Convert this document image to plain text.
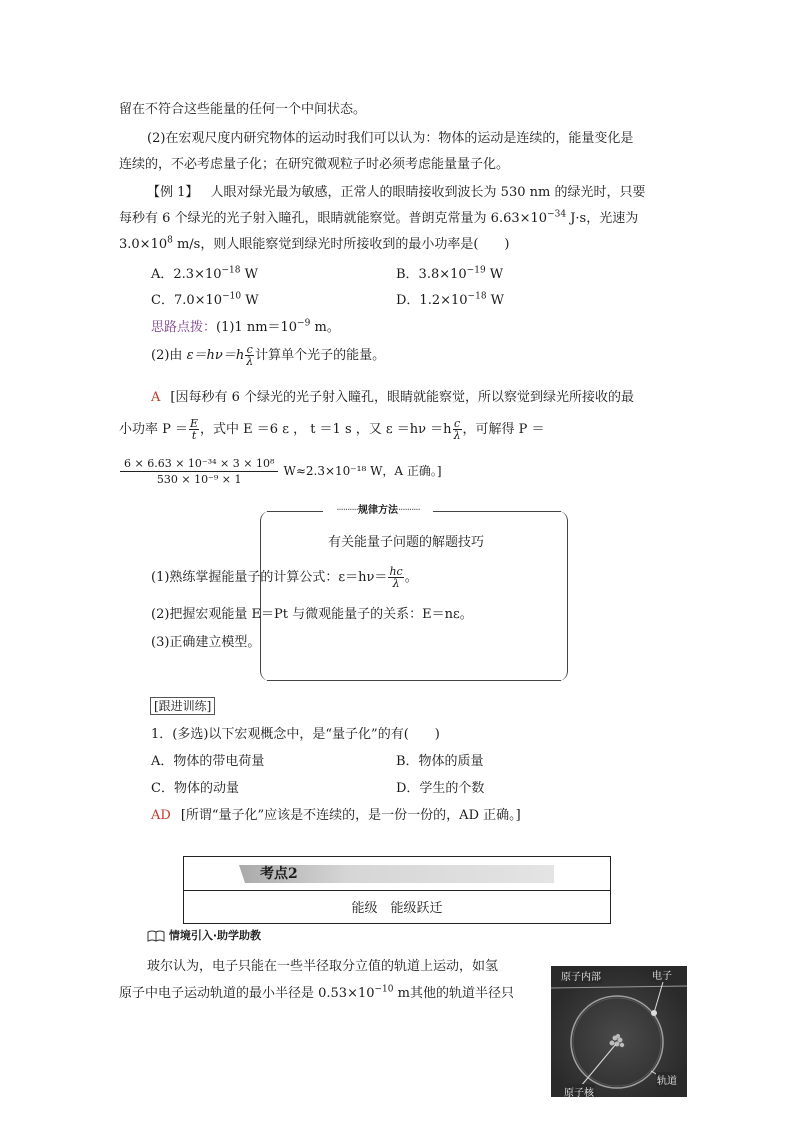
留在不符合这些能量的任何一个中间状态。
(2)在宏观尺度内研究物体的运动时我们可以认为：物体的运动是连续的，能量变化是
连续的，不必考虑量子化；在研究微观粒子时必须考虑能量量子化。
【例 1】 人眼对绿光最为敏感，正常人的眼睛接收到波长为 530 nm 的绿光时，只要
每秒有 6 个绿光的光子射入瞳孔，眼睛就能察觉。普朗克常量为 $6.63\times 10^{-34}$ J·s，光速为
$3.0\times 10^8$ m/s，则人眼能察觉到绿光时所接收到的最小功率是(　　)
A．$2.3\times 10^{-18}$ W	B．$3.8\times 10^{-19}$ W
C．$7.0\times 10^{-10}$ W	D．$1.2\times 10^{-18}$ W
思路点拨：(1)1 $nm=10^{-9}$ m。
(2)由 $\varepsilon=h\nu=h \frac{c}{\lambda}$ 计算单个光子的能量。
A [因每秒有 6 个绿光的光子射入瞳孔，眼睛就能察觉，所以察觉到绿光所接收的最
小功率 $P = \frac{E}{t}$ ，式中 E ＝6 ε ， t ＝1 s ，又 $\varepsilon =h\nu =h \frac{c}{\lambda}$ ，可解得 P ＝
$\frac{\text{6 × 6.63 × 10⁻³⁴ × 3 × 10⁸}}{\text{530 × 10⁻⁹ × 1}} W\approx 2.3\times 10^{-18}$ W，A 正确。]
··········规律方法··········
有关能量子问题的解题技巧
(1)熟练掌握能量子的计算公式：$\varepsilon=h\nu= \frac{hc}{\lambda}$ 。
(2)把握宏观能量 E＝Pt 与微观能量子的关系：E＝nε。
(3)正确建立模型。
[跟进训练]
1．(多选)以下宏观概念中，是“量子化”的有(　　)
A．物体的带电荷量	B．物体的质量
C．物体的动量	D．学生的个数
AD [所谓“量子化”应该是不连续的，是一份一份的，AD 正确。]
考点2
能级　能级跃迁
情境引入·助学助教
玻尔认为，电子只能在一些半径取分立值的轨道上运动，如氢
原子中电子运动轨道的最小半径是 $0.53\times 10^{-10}$ m其他的轨道半径只
原子内部	电子
轨道
原子核
